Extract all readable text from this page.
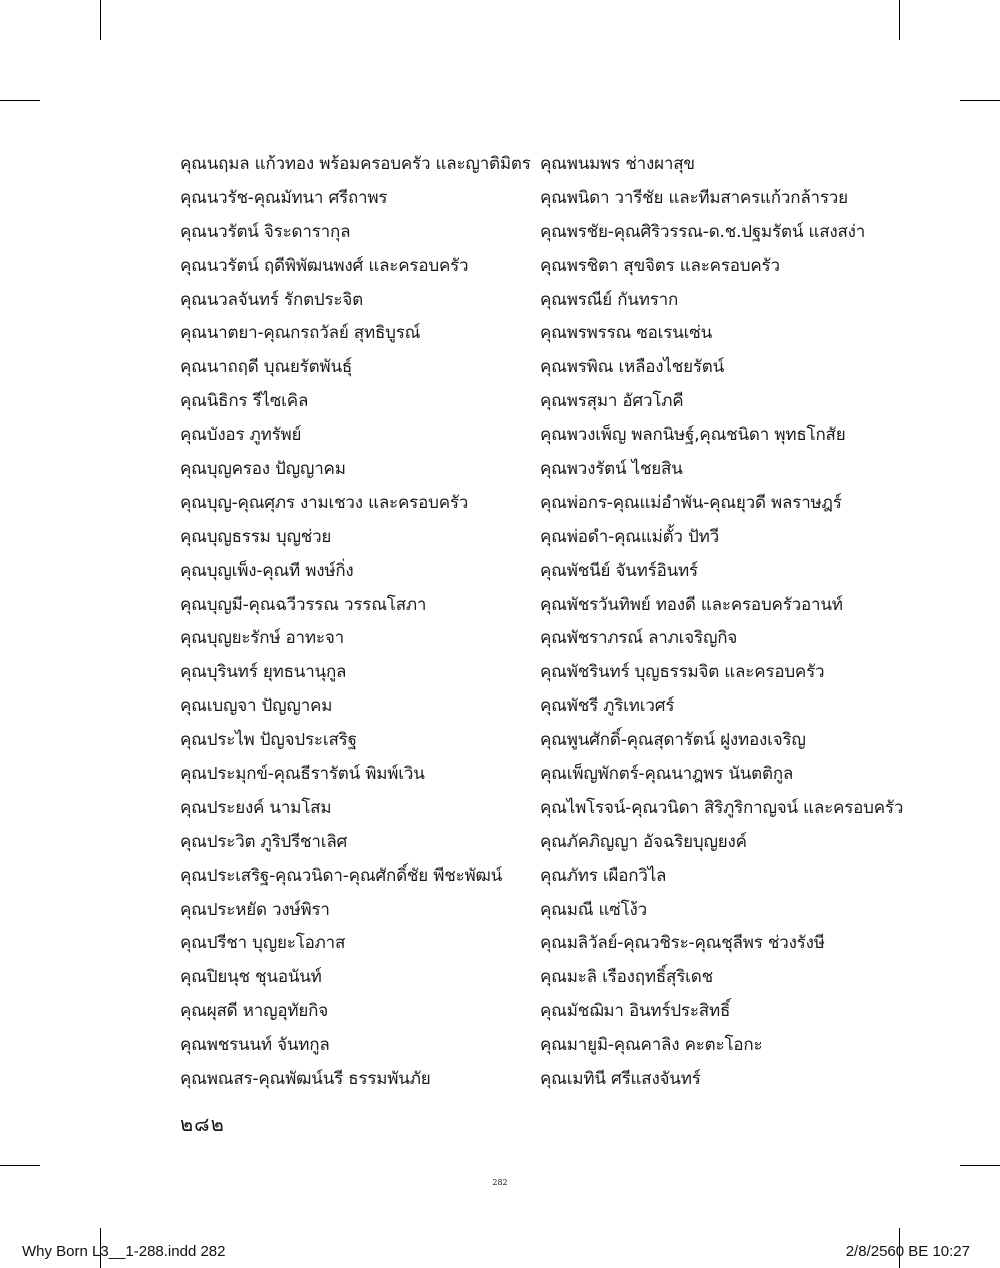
คุณนฤมล แก้วทอง พร้อมครอบครัว และญาติมิตร
คุณนวรัช-คุณมัทนา ศรีถาพร
คุณนวรัตน์ จิระดารากุล
คุณนวรัตน์ ฤดีพิพัฒนพงศ์ และครอบครัว
คุณนวลจันทร์ รักตประจิต
คุณนาตยา-คุณกรถวัลย์ สุทธิบูรณ์
คุณนาถฤดี บุณยรัตพันธุ์
คุณนิธิกร รีไซเคิล
คุณบังอร ภูทรัพย์
คุณบุญครอง ปัญญาคม
คุณบุญ-คุณศุภร งามเชวง และครอบครัว
คุณบุญธรรม บุญช่วย
คุณบุญเพ็ง-คุณที พงษ์กิ่ง
คุณบุญมี-คุณฉวีวรรณ วรรณโสภา
คุณบุญยะรักษ์ อาทะจา
คุณบุรินทร์ ยุทธนานุกูล
คุณเบญจา ปัญญาคม
คุณประไพ ปัญจประเสริฐ
คุณประมุกข์-คุณธีรารัตน์ พิมพ์เวิน
คุณประยงค์ นามโสม
คุณประวิต ภูริปรีชาเลิศ
คุณประเสริฐ-คุณวนิดา-คุณศักดิ์ชัย พีชะพัฒน์
คุณประหยัด วงษ์พิรา
คุณปรีชา บุญยะโอภาส
คุณปิยนุช ชุนอนันท์
คุณผุสดี หาญอุทัยกิจ
คุณพชรนนท์ จันทกูล
คุณพณสร-คุณพัฒน์นรี ธรรมพันภัย
คุณพนมพร ช่างผาสุข
คุณพนิดา วารีชัย และทีมสาครแก้วกล้ารวย
คุณพรชัย-คุณศิริวรรณ-ด.ช.ปฐมรัตน์ แสงสง่า
คุณพรชิตา สุขจิตร และครอบครัว
คุณพรณีย์ กันทราก
คุณพรพรรณ ซอเรนเซ่น
คุณพรพิณ เหลืองไชยรัตน์
คุณพรสุมา อัศวโภคี
คุณพวงเพ็ญ พลกนิษฐ์,คุณชนิดา พุทธโกสัย
คุณพวงรัตน์ ไชยสิน
คุณพ่อกร-คุณแม่อำพัน-คุณยุวดี พลราษฎร์
คุณพ่อดำ-คุณแม่ตั้ว ปัทวี
คุณพัชนีย์ จันทร์อินทร์
คุณพัชรวันทิพย์ ทองดี และครอบครัวอานท์
คุณพัชราภรณ์ ลาภเจริญกิจ
คุณพัชรินทร์ บุญธรรมจิต และครอบครัว
คุณพัชรี ภูริเทเวศร์
คุณพูนศักดิ์-คุณสุดารัตน์ ฝูงทองเจริญ
คุณเพ็ญพักตร์-คุณนาฎพร นันตติกูล
คุณไพโรจน์-คุณวนิดา สิริภูริกาญจน์ และครอบครัว
คุณภัคภิญญา อัจฉริยบุญยงค์
คุณภัทร เผือกวิไล
คุณมณี แซ่โง้ว
คุณมลิวัลย์-คุณวชิระ-คุณชุลีพร ช่วงรังษี
คุณมะลิ เรืองฤทธิ์สุริเดช
คุณมัชฌิมา อินทร์ประสิทธิ์
คุณมายูมิ-คุณคาลิง คะตะโอกะ
คุณเมทินี ศรีแสงจันทร์
๒๘๒
282
Why Born L3__1-288.indd 282	2/8/2560 BE 10:27
